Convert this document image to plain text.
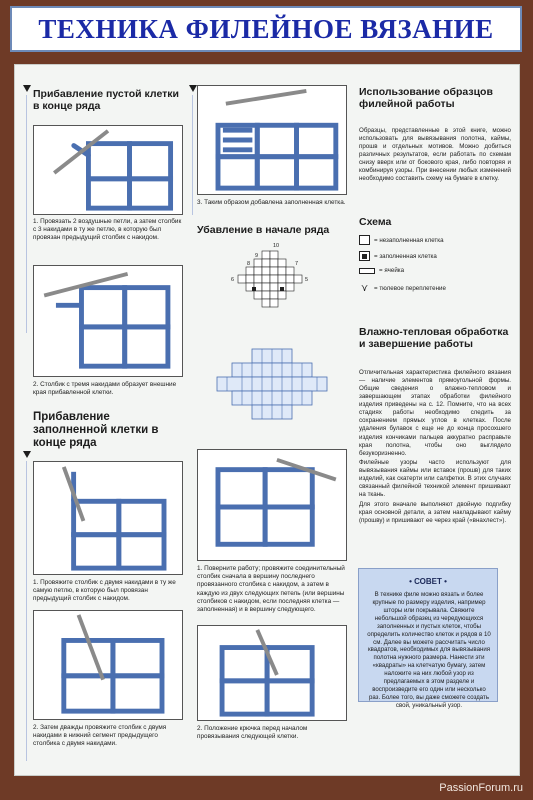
ТЕХНИКА ФИЛЕЙНОЕ ВЯЗАНИЕ
Прибавление пустой клетки в конце ряда
1. Провязать 2 воздушные петли, а затем столбик с 3 накидами в ту же петлю, в которую был провязан предыдущий столбик с накидом.
2. Столбик с тремя накидами образует внешние края прибавленной клетки.
Прибавление заполненной клетки в конце ряда
1. Провяжите столбик с двумя накидами в ту же самую петлю, в которую был провязан предыдущий столбик с накидом.
2. Затем дважды провяжите столбик с двумя накидами в нижний сегмент предыдущего столбика с двумя накидами.
3. Таким образом добавлена заполненная клетка.
Убавление в начале ряда
10
9
8	7
6	5
1. Поверните работу; провяжите соединительный столбик сначала в вершину последнего провязанного столбика с накидом, а затем в каждую из двух следующих петель (или вершины столбиков с накидом, если последняя клетка — заполненная) и в вершину следующего.
2. Положение крючка перед началом провязывания следующей клетки.
Использование образцов филейной работы
Образцы, представленные в этой книге, можно использовать для вывязывания полотна, каймы, прошв и отдельных мотивов. Можно добиться различных результатов, если работать по схемам снизу вверх или от бокового края, либо повторяя и комбинируя узоры. При внесении любых изменений необходимо составить схему на бумаге в клетку.
Схема
= незаполненная клетка
= заполненная клетка
= ячейка
⋎ = тюлевое переплетение
Влажно-тепловая обработка и завершение работы
Отличительная характеристика филейного вязания — наличие элементов прямоугольной формы. Общие сведения о влажно-тепловом и завершающем этапах обработки филейного изделия приведены на с. 12. Помните, что на всех стадиях работы необходимо следить за сохранением прямых углов в клетках. После удаления булавок с еще не до конца просохшего изделия кончиками пальцев аккуратно расправьте края полотна, чтобы оно выглядело безукоризненно.
Филейные узоры часто используют для вывязывания каймы или вставок (прошв) для таких изделий, как скатерти или салфетки. В этих случаях связанный филейной техникой элемент пришивают на ткань.
Для этого вначале выполняют двойную подгибку края основной детали, а затем накладывают кайму (прошву) и пришивают ее через край («внахлест»).
• СОВЕТ •
В технике филе можно вязать и более крупные по размеру изделия, например шторы или покрывала. Свяжите небольшой образец из чередующихся заполненных и пустых клеток, чтобы определить количество клеток и рядов в 10 см. Далее вы можете рассчитать число квадратов, необходимых для вывязывания полотна нужного размера. Нанести эти «квадраты» на клетчатую бумагу, затем наложите на них любой узор из предлагаемых в этом разделе и воспроизведите его один или несколько раз. Более того, вы даже сможете создать свой, уникальный узор.
PassionForum.ru
